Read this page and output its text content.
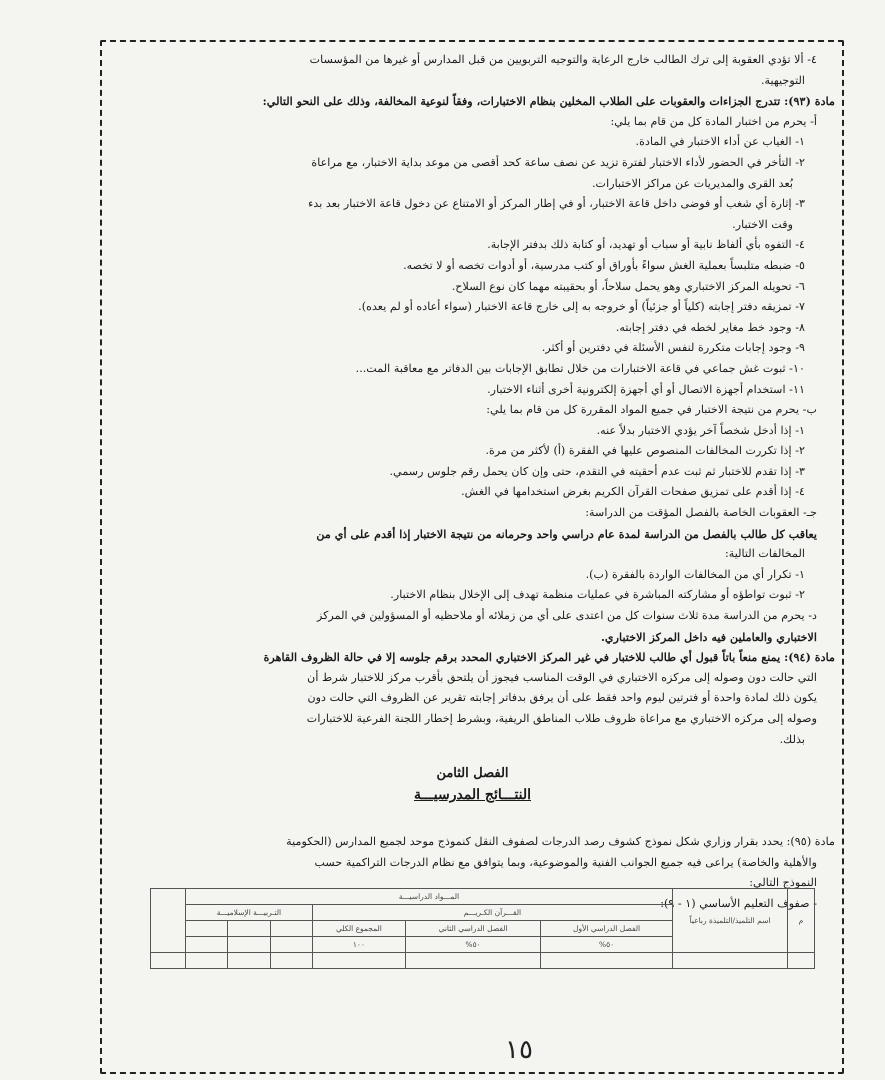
٤- ألا تؤدي العقوبة إلى ترك الطالب خارج الرعاية والتوجيه التربويين من قبل المدارس أو غيرها من المؤسسات

التوجيهية.

مادة (٩٣): تتدرج الجزاءات والعقوبات على الطلاب المخلين بنظام الاختبارات، وفقاً لنوعية المخالفة، وذلك على النحو التالي:

أ- يحرم من اختبار المادة كل من قام بما يلي:

١- الغياب عن أداء الاختبار في المادة.

٢- التأخر في الحضور لأداء الاختبار لفترة تزيد عن نصف ساعة كحد أقصى من موعد بداية الاختبار، مع مراعاة

بُعد القرى والمديريات عن مراكز الاختبارات.

٣- إثارة أي شغب أو فوضى داخل قاعة الاختبار، أو في إطار المركز أو الامتناع عن دخول قاعة الاختبار بعد بدء

وقت الاختبار.

٤- التفوه بأي ألفاظ نابية أو سباب أو تهديد، أو كتابة ذلك بدفتر الإجابة.

٥- ضبطه متلبساً بعملية الغش سواءً بأوراق أو كتب مدرسية، أو أدوات تخصه أو لا تخصه.

٦- تحويله المركز الاختباري وهو يحمل سلاحاً، أو بحقيبته مهما كان نوع السلاح.

٧- تمزيقه دفتر إجابته (كلياً أو جزئياً) أو خروجه به إلى خارج قاعة الاختبار (سواء أعاده أو لم يعده).

٨- وجود خط مغاير لخطه في دفتر إجابته.

٩- وجود إجابات متكررة لنفس الأسئلة في دفترين أو أكثر.

١٠- ثبوت غش جماعي في قاعة الاختبارات من خلال تطابق الإجابات بين الدفاتر مع معاقبة المت...

١١- استخدام أجهزة الاتصال أو أي أجهزة إلكترونية أخرى أثناء الاختبار.

ب- يحرم من نتيجة الاختبار في جميع المواد المقررة كل من قام بما يلي:

١- إذا أدخل شخصاً آخر يؤدي الاختبار بدلاً عنه.

٢- إذا تكررت المخالفات المنصوص عليها في الفقرة (أ) لأكثر من مرة.

٣- إذا تقدم للاختبار ثم ثبت عدم أحقيته في التقدم، حتى وإن كان يحمل رقم جلوس رسمي.

٤- إذا أقدم على تمزيق صفحات القرآن الكريم بغرض استخدامها في الغش.

جـ- العقوبات الخاصة بالفصل المؤقت من الدراسة:

يعاقب كل طالب بالفصل من الدراسة لمدة عام دراسي واحد وحرمانه من نتيجة الاختبار إذا أقدم على أي من

المخالفات التالية:

١- تكرار أي من المخالفات الواردة بالفقرة (ب).

٢- ثبوت تواطؤه أو مشاركته المباشرة في عمليات منظمة تهدف إلى الإخلال بنظام الاختبار.

د- يحرم من الدراسة مدة ثلاث سنوات كل من اعتدى على أي من زملائه أو ملاحظيه أو المسؤولين في المركز

الاختباري والعاملين فيه داخل المركز الاختباري.

مادة (٩٤): يمنع منعاً باتاً قبول أي طالب للاختبار في غير المركز الاختباري المحدد برقم جلوسه إلا في حالة الظروف القاهرة

التي حالت دون وصوله إلى مركزه الاختباري في الوقت المناسب فيجوز أن يلتحق بأقرب مركز للاختبار شرط أن

يكون ذلك لمادة واحدة أو فترتين ليوم واحد فقط على أن يرفق بدفاتر إجابته تقرير عن الظروف التي حالت دون

وصوله إلى مركزه الاختباري مع مراعاة ظروف طلاب المناطق الريفية، وبشرط إخطار اللجنة الفرعية للاختبارات

بذلك.

الفصل الثامن

النتـــائج المدرسيـــة

مادة (٩٥): يحدد بقرار وزاري شكل نموذج كشوف رصد الدرجات لصفوف النقل كنموذج موحد لجميع المدارس (الحكومية

والأهلية والخاصة) يراعى فيه جميع الجوانب الفنية والموضوعية، وبما يتوافق مع نظام الدرجات التراكمية حسب

النموذج التالي:

- صفوف التعليم الأساسي (١ - ٩):

م	اسم التلميذ/التلميذة رباعياً	المـــواد الدراسيـــة						
		القـــرآن الكـريـــم			التـربيـــة الإسلاميـــة			
		الفصل الدراسي الأول	الفصل الدراسي الثاني	المجموع الكلي				
		٥٠%	٥٠%	١٠٠				

١٥
